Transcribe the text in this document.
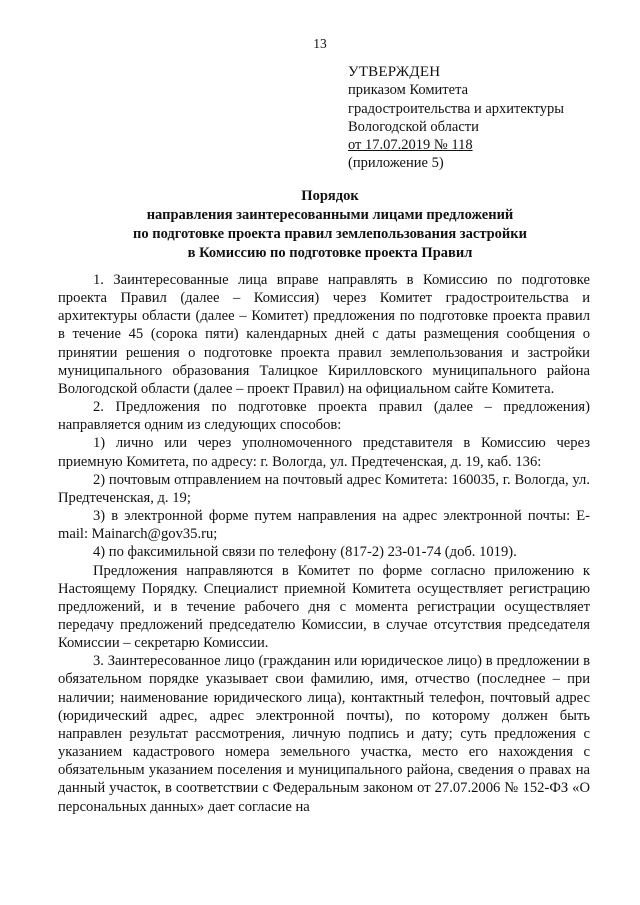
13
УТВЕРЖДЕН
приказом Комитета
градостроительства и архитектуры
Вологодской области
от 17.07.2019 № 118
(приложение 5)
Порядок
направления заинтересованными лицами предложений
по подготовке проекта правил землепользования застройки
в Комиссию по подготовке проекта Правил

1. Заинтересованные лица вправе направлять в Комиссию по подготовке проекта Правил (далее – Комиссия) через Комитет градостроительства и архитектуры области (далее – Комитет) предложения по подготовке проекта правил в течение 45 (сорока пяти) календарных дней с даты размещения сообщения о принятии решения о подготовке проекта правил землепользования и застройки муниципального образования Талицкое Кирилловского муниципального района Вологодской области (далее – проект Правил) на официальном сайте Комитета.

2. Предложения по подготовке проекта правил (далее – предложения) направляется одним из следующих способов:

1) лично или через уполномоченного представителя в Комиссию через приемную Комитета, по адресу: г. Вологда, ул. Предтеченская, д. 19, каб. 136:

2) почтовым отправлением на почтовый адрес Комитета: 160035, г. Вологда, ул. Предтеченская, д. 19;

3) в электронной форме путем направления на адрес электронной почты: E-mail: Mainarch@gov35.ru;

4) по факсимильной связи по телефону (817-2) 23-01-74 (доб. 1019).

Предложения направляются в Комитет по форме согласно приложению к Настоящему Порядку. Специалист приемной Комитета осуществляет регистрацию предложений, и в течение рабочего дня с момента регистрации осуществляет передачу предложений председателю Комиссии, в случае отсутствия председателя Комиссии – секретарю Комиссии.

3. Заинтересованное лицо (гражданин или юридическое лицо) в предложении в обязательном порядке указывает свои фамилию, имя, отчество (последнее – при наличии; наименование юридического лица), контактный телефон, почтовый адрес (юридический адрес, адрес электронной почты), по которому должен быть направлен результат рассмотрения, личную подпись и дату; суть предложения с указанием кадастрового номера земельного участка, место его нахождения с обязательным указанием поселения и муниципального района, сведения о правах на данный участок, в соответствии с Федеральным законом от 27.07.2006 № 152-ФЗ «О персональных данных» дает согласие на
